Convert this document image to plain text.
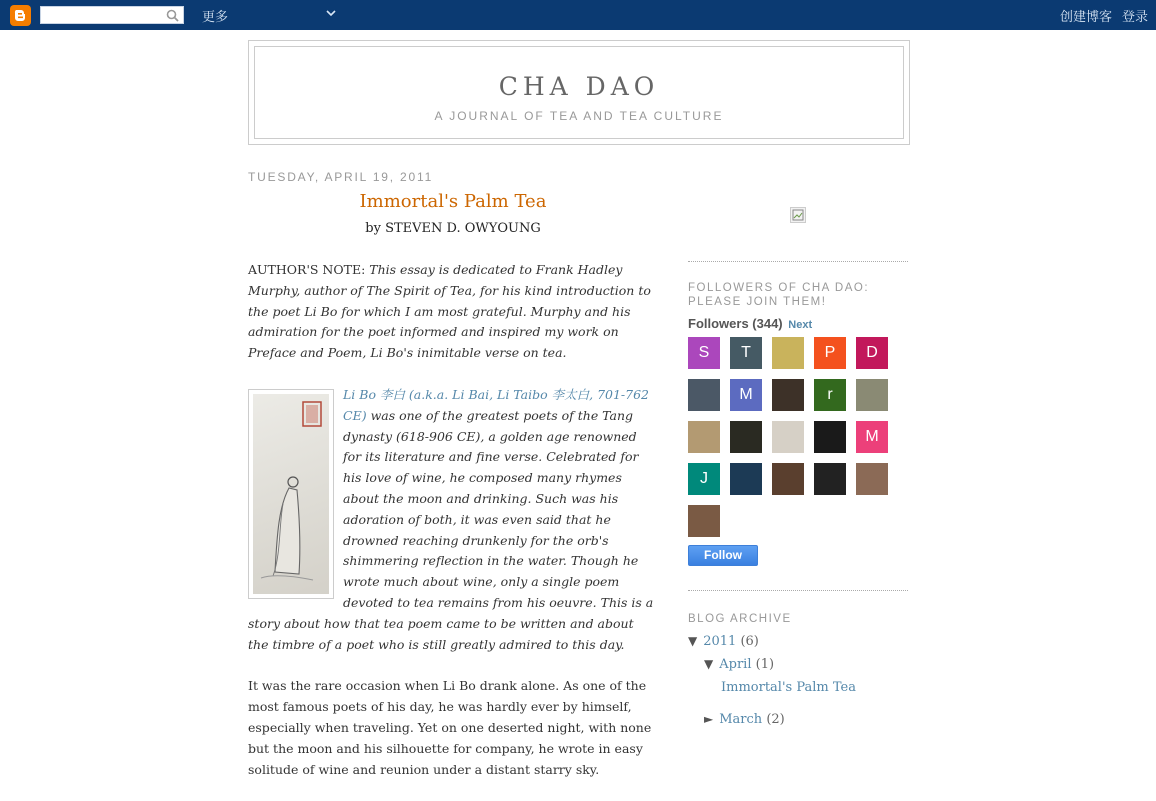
更多	创建博客 登录
CHA DAO
A JOURNAL OF TEA AND TEA CULTURE
TUESDAY, APRIL 19, 2011
Immortal's Palm Tea
by STEVEN D. OWYOUNG

AUTHOR'S NOTE: This essay is dedicated to Frank Hadley Murphy, author of The Spirit of Tea, for his kind introduction to the poet Li Bo for which I am most grateful. Murphy and his admiration for the poet informed and inspired my work on Preface and Poem, Li Bo's inimitable verse on tea.

Li Bo 李白 (a.k.a. Li Bai, Li Taibo 李太白, 701-762 CE) was one of the greatest poets of the Tang dynasty (618-906 CE), a golden age renowned for its literature and fine verse. Celebrated for his love of wine, he composed many rhymes about the moon and drinking. Such was his adoration of both, it was even said that he drowned reaching drunkenly for the orb's shimmering reflection in the water. Though he wrote much about wine, only a single poem devoted to tea remains from his oeuvre. This is a story about how that tea poem came to be written and about the timbre of a poet who is still greatly admired to this day.

It was the rare occasion when Li Bo drank alone. As one of the most famous poets of his day, he was hardly ever by himself, especially when traveling. Yet on one deserted night, with none but the moon and his silhouette for company, he wrote in easy solitude of wine and reunion under a distant starry sky.

FOLLOWERS OF CHA DAO: PLEASE JOIN THEM!
Followers (344) Next
S	T	P	D
M	r
M
J
Follow
BLOG ARCHIVE
▼ 2011 (6)
▼ April (1)
Immortal's Palm Tea
► March (2)
